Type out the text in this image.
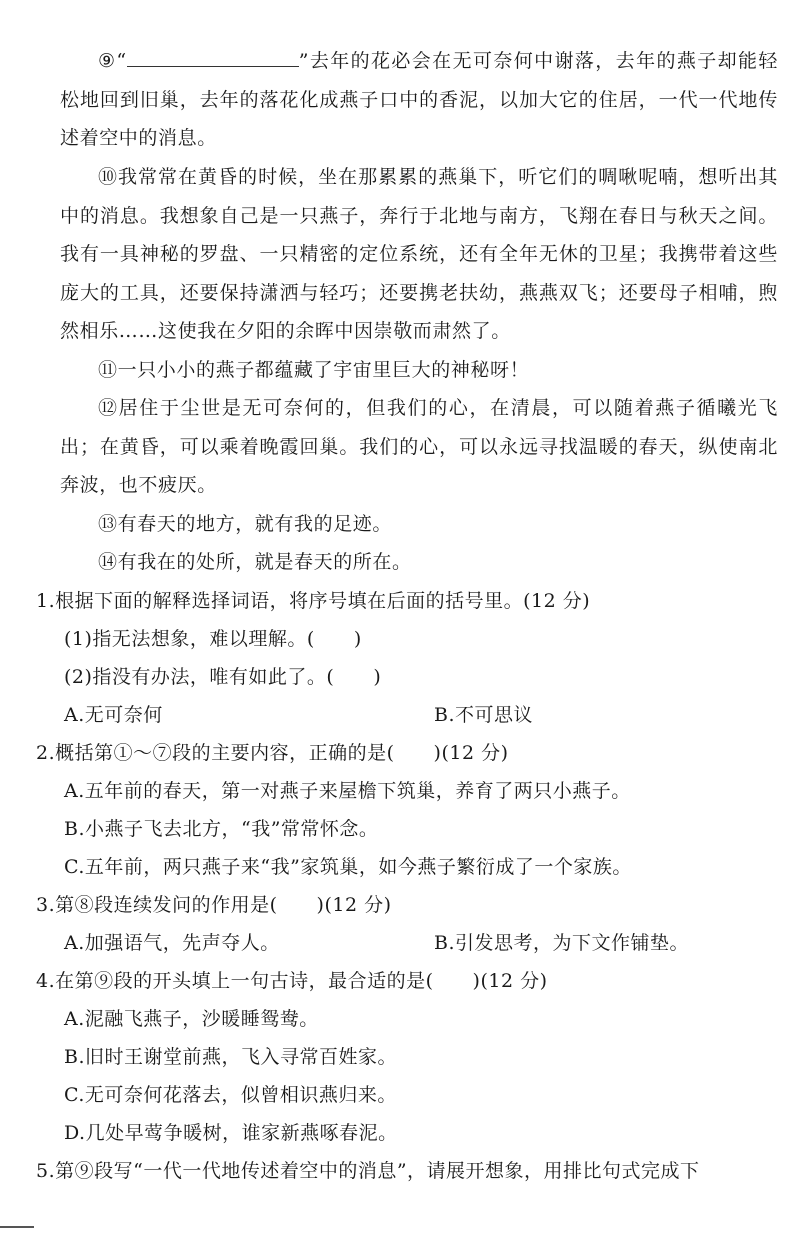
⑨“	”去年的花必会在无可奈何中谢落，去年的燕子却能轻松地回到旧巢，去年的落花化成燕子口中的香泥，以加大它的住居，一代一代地传述着空中的消息。
⑩我常常在黄昏的时候，坐在那累累的燕巢下，听它们的啁啾呢喃，想听出其中的消息。我想象自己是一只燕子，奔行于北地与南方，飞翔在春日与秋天之间。我有一具神秘的罗盘、一只精密的定位系统，还有全年无休的卫星；我携带着这些庞大的工具，还要保持潇洒与轻巧；还要携老扶幼，燕燕双飞；还要母子相哺，煦然相乐……这使我在夕阳的余晖中因崇敬而肃然了。
⑪一只小小的燕子都蕴藏了宇宙里巨大的神秘呀！
⑫居住于尘世是无可奈何的，但我们的心，在清晨，可以随着燕子循曦光飞出；在黄昏，可以乘着晚霞回巢。我们的心，可以永远寻找温暖的春天，纵使南北奔波，也不疲厌。
⑬有春天的地方，就有我的足迹。
⑭有我在的处所，就是春天的所在。
1.根据下面的解释选择词语，将序号填在后面的括号里。(12 分)
(1)指无法想象，难以理解。(　　)
(2)指没有办法，唯有如此了。(　　)
A.无可奈何	B.不可思议
2.概括第①～⑦段的主要内容，正确的是(　　)(12 分)
A.五年前的春天，第一对燕子来屋檐下筑巢，养育了两只小燕子。
B.小燕子飞去北方，“我”常常怀念。
C.五年前，两只燕子来“我”家筑巢，如今燕子繁衍成了一个家族。
3.第⑧段连续发问的作用是(　　)(12 分)
A.加强语气，先声夺人。	B.引发思考，为下文作铺垫。
4.在第⑨段的开头填上一句古诗，最合适的是(　　)(12 分)
A.泥融飞燕子，沙暖睡鸳鸯。
B.旧时王谢堂前燕，飞入寻常百姓家。
C.无可奈何花落去，似曾相识燕归来。
D.几处早莺争暖树，谁家新燕啄春泥。
5.第⑨段写“一代一代地传述着空中的消息”，请展开想象，用排比句式完成下
